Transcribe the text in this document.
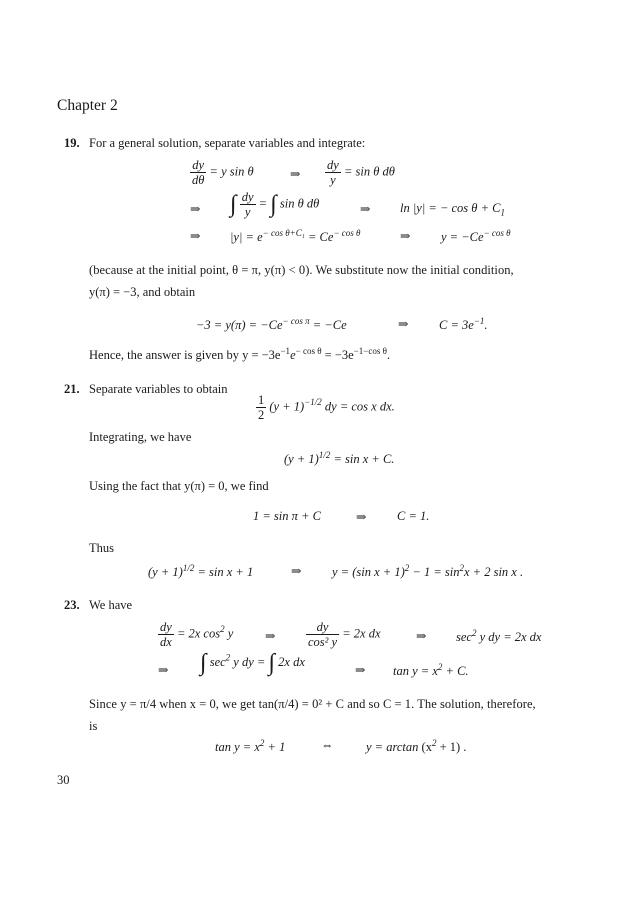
Chapter 2
19. For a general solution, separate variables and integrate:
$\frac{dy}{d\theta} = y$ sin θ	⇒ $\frac{dy}{y} = \sin \theta$ dθ
⇒ ∫ $\frac{dy}{y}$ = ∫ sin θ dθ	⇒ ln |y| = − $\cos \theta + C_1$
⇒ $|y| = e^{- cos \theta+C_1} = Ce^{- cos \theta}$	⇒ $y = -Ce^{- cos \theta}$
(because at the initial point, θ = π, y(π) < 0). We substitute now the initial condition,
y(π) = −3, and obtain
$-3 = y(\pi) = -Ce^{- cos \pi} = -Ce$	⇒ $C = 3e^{-1}$.
Hence, the answer is given by $y = -3e^{-1}e^{- cos \theta} = -3e^{-1-cos \theta}$.
21. Separate variables to obtain
$\frac{1}{2} (y + 1)^{-1/2}$ dy = cos x dx.
Integrating, we have
$(y + 1)^{1/2} = \sin x + C$.
Using the fact that y(π) = 0, we find
1 = sin π + C	⇒ C = 1.
Thus
$(y + 1)^{1/2} = \sin x + 1$	⇒ y = (sin $x + 1)^2 - 1 = \sin^2x + 2$ sin x .
23. We have
$\frac{dy}{dx} = 2x$ $\cos^2 y$	⇒ $\frac{dy}{\text{cos² y}} = 2x$ dx	⇒ $\sec^2 y$ dy = 2x dx
⇒ ∫ $\sec^2 y$ dy = ∫ 2x dx
⇒ $\tan y = x^2 + C$.
Since y = π/4 when x = 0, we get tan(π/4) = 0² + C and so C = 1. The solution, therefore,
is
$\tan y = x^2 + 1$	⇔	$y = \arctan (x^2 + 1)$ .
30
